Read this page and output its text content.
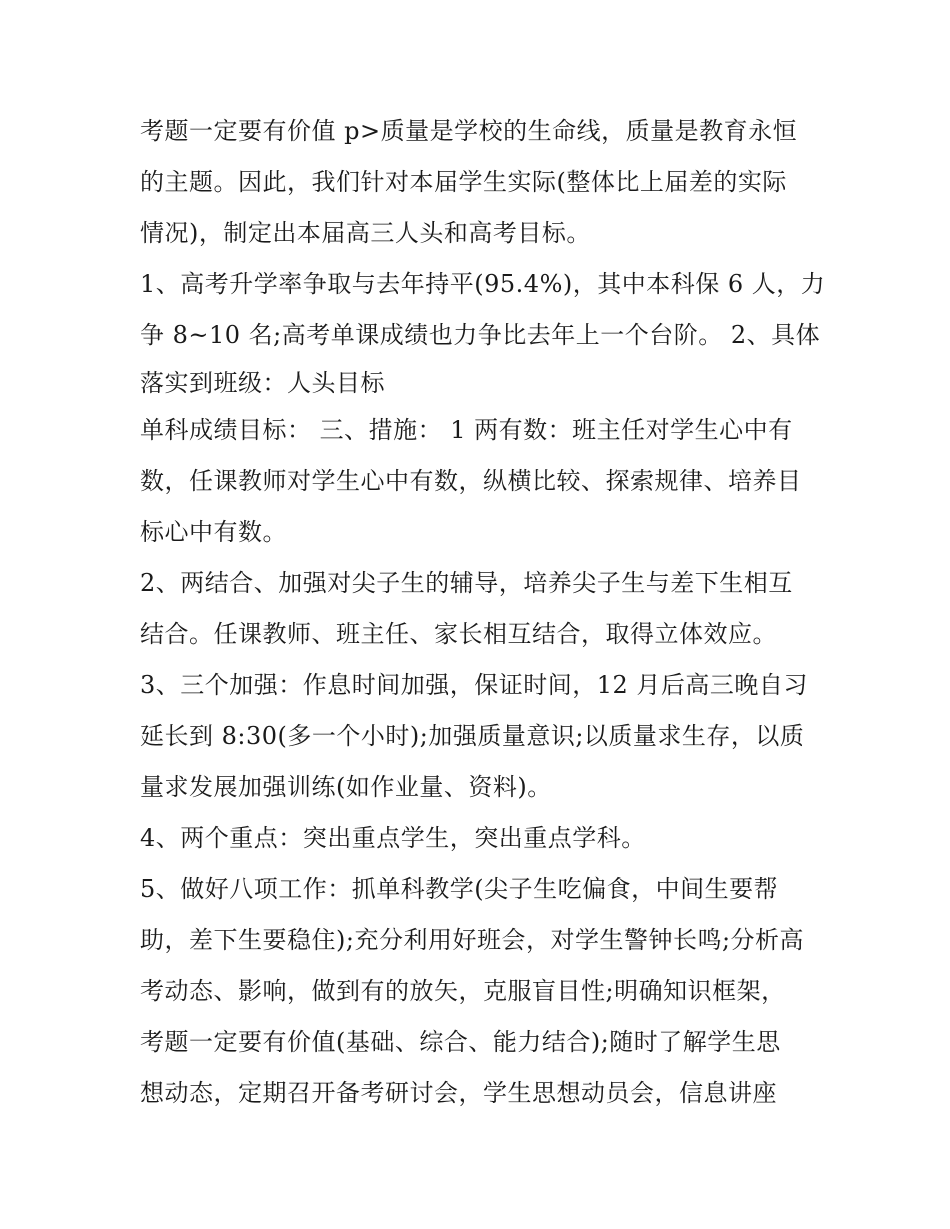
考题一定要有价值 p>质量是学校的生命线，质量是教育永恒
的主题。因此，我们针对本届学生实际(整体比上届差的实际
情况)，制定出本届高三人头和高考目标。
1、高考升学率争取与去年持平(95.4%)，其中本科保 6 人，力
争 8~10 名;高考单课成绩也力争比去年上一个台阶。 2、具体
落实到班级：人头目标
单科成绩目标： 三、措施： 1 两有数：班主任对学生心中有
数，任课教师对学生心中有数，纵横比较、探索规律、培养目
标心中有数。
2、两结合、加强对尖子生的辅导，培养尖子生与差下生相互
结合。任课教师、班主任、家长相互结合，取得立体效应。
3、三个加强：作息时间加强，保证时间，12 月后高三晚自习
延长到 8:30(多一个小时);加强质量意识;以质量求生存，以质
量求发展加强训练(如作业量、资料)。
4、两个重点：突出重点学生，突出重点学科。
5、做好八项工作：抓单科教学(尖子生吃偏食，中间生要帮
助，差下生要稳住);充分利用好班会，对学生警钟长鸣;分析高
考动态、影响，做到有的放矢，克服盲目性;明确知识框架，
考题一定要有价值(基础、综合、能力结合);随时了解学生思
想动态，定期召开备考研讨会，学生思想动员会，信息讲座
